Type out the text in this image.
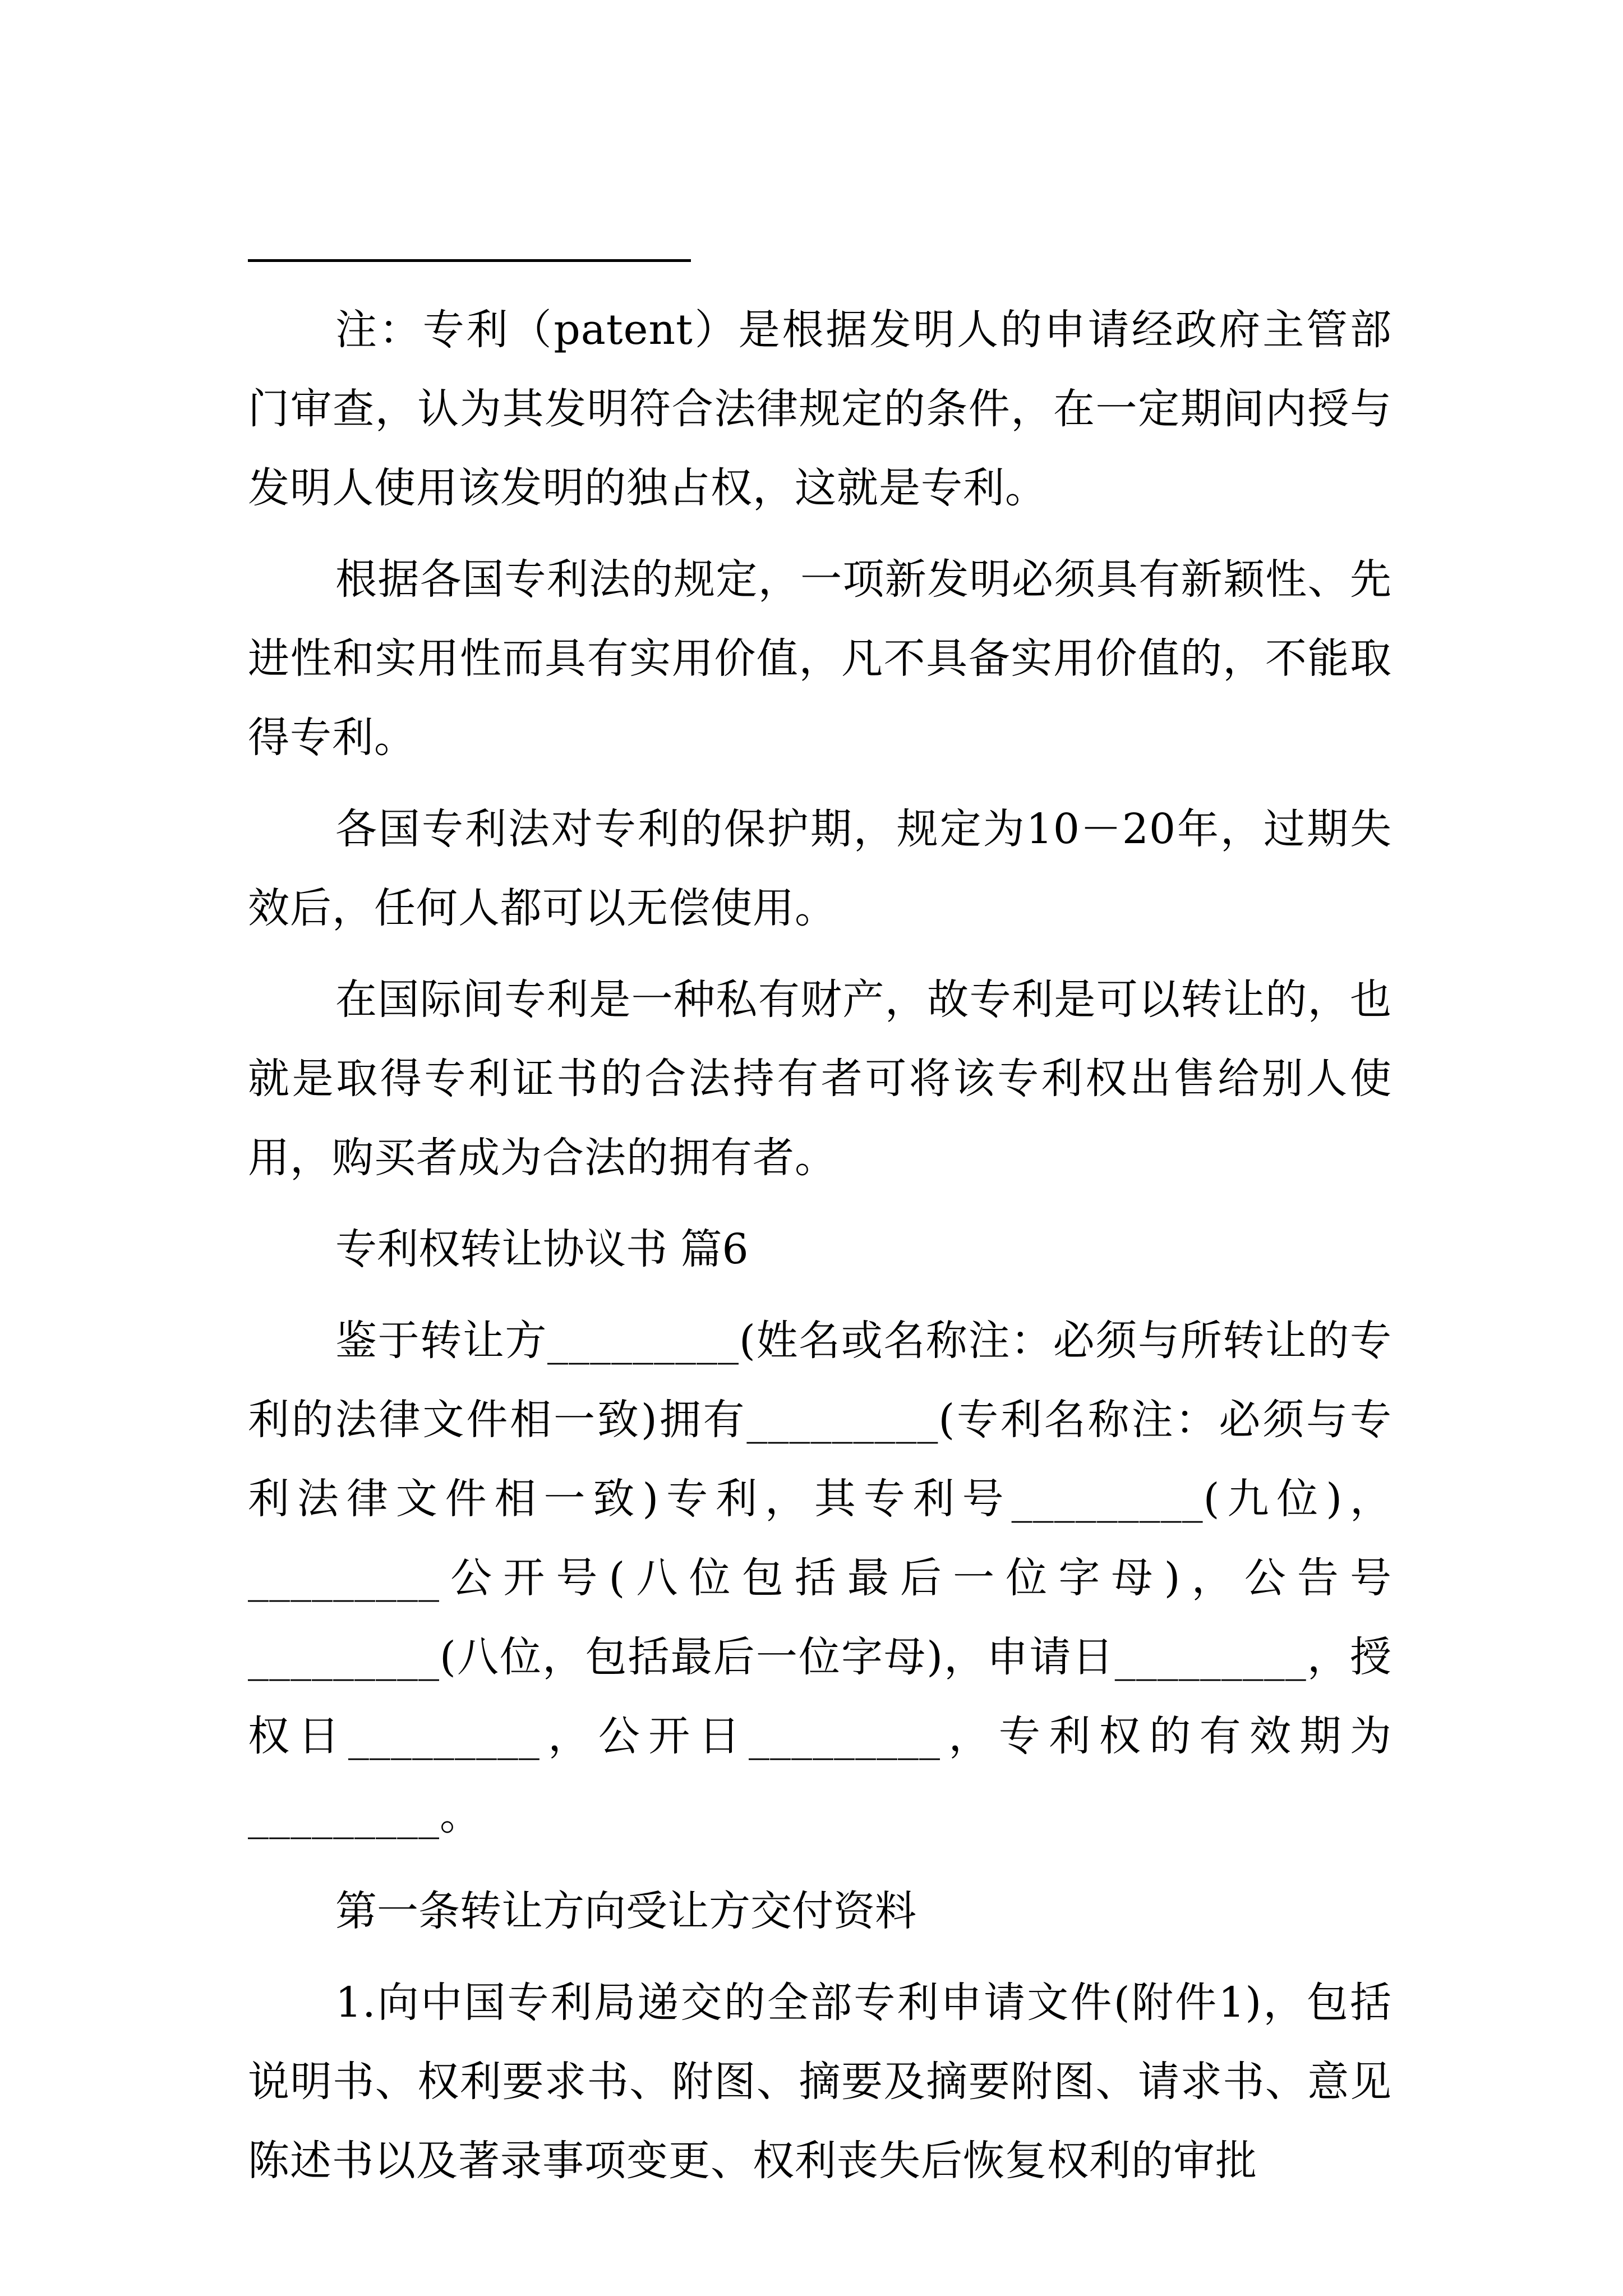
注：专利（patent）是根据发明人的申请经政府主管部门审查，认为其发明符合法律规定的条件，在一定期间内授与发明人使用该发明的独占权，这就是专利。

根据各国专利法的规定，一项新发明必须具有新颖性、先进性和实用性而具有实用价值，凡不具备实用价值的，不能取得专利。

各国专利法对专利的保护期，规定为10－20年，过期失效后，任何人都可以无偿使用。

在国际间专利是一种私有财产，故专利是可以转让的，也就是取得专利证书的合法持有者可将该专利权出售给别人使用，购买者成为合法的拥有者。

专利权转让协议书 篇6

鉴于转让方_________(姓名或名称注：必须与所转让的专利的法律文件相一致)拥有_________(专利名称注：必须与专利法律文件相一致)专利，其专利号_________(九位)，_________公开号(八位包括最后一位字母)，公告号_________(八位，包括最后一位字母)，申请日_________，授权日_________，公开日_________，专利权的有效期为_________。

第一条转让方向受让方交付资料

1.向中国专利局递交的全部专利申请文件(附件1)，包括说明书、权利要求书、附图、摘要及摘要附图、请求书、意见陈述书以及著录事项变更、权利丧失后恢复权利的审批
